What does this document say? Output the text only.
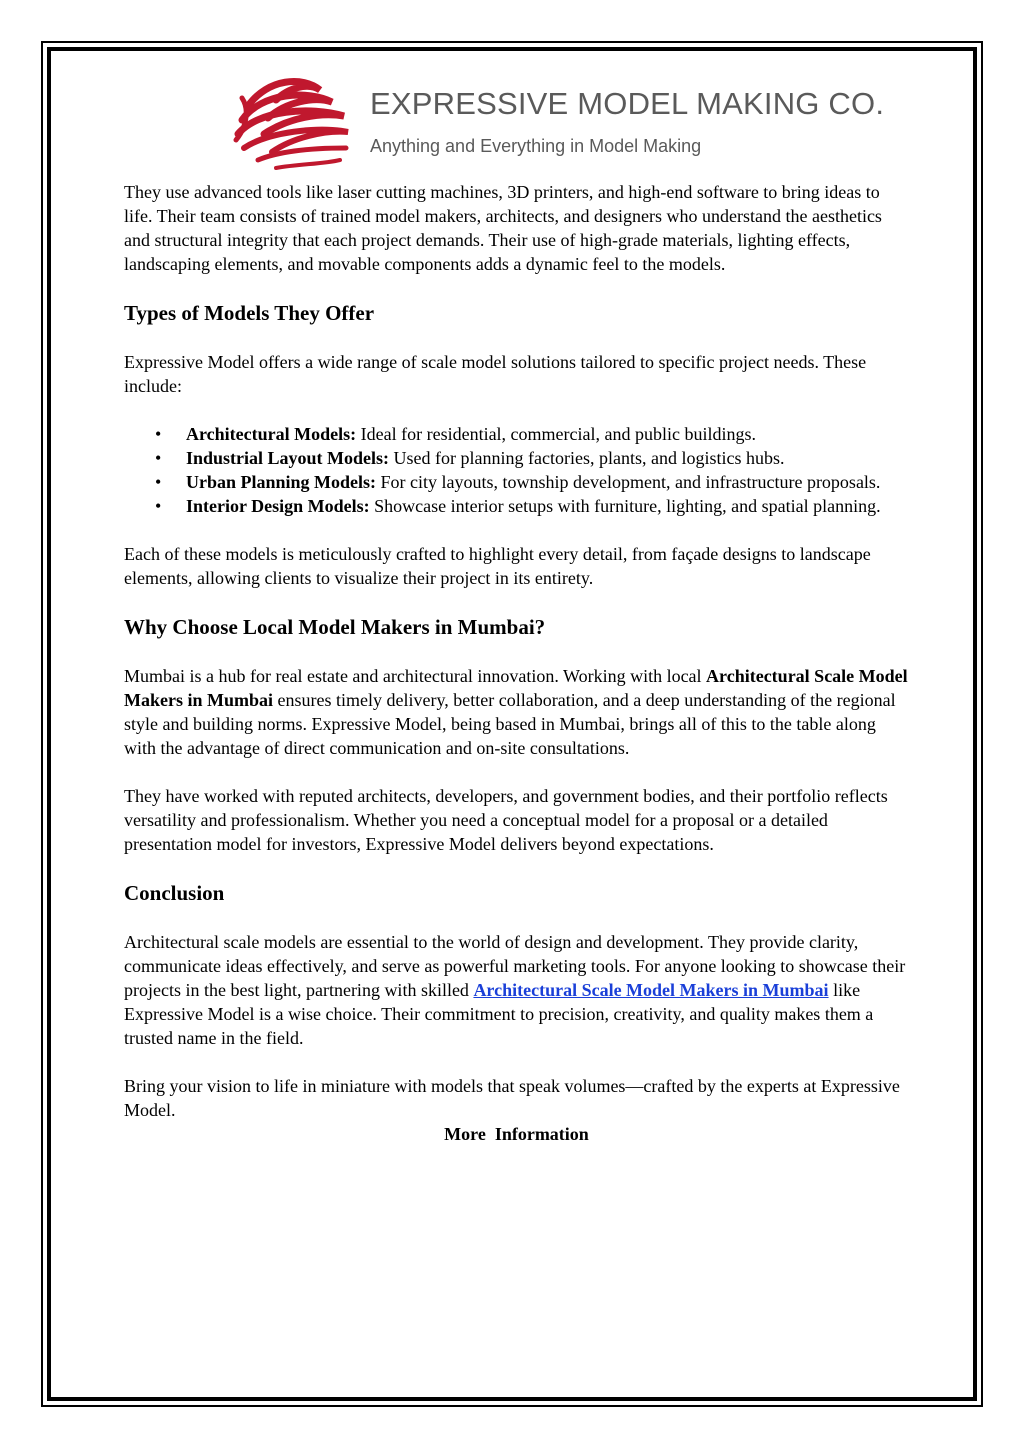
EXPRESSIVE MODEL MAKING CO.
Anything and Everything in Model Making

They use advanced tools like laser cutting machines, 3D printers, and high-end software to bring ideas to life. Their team consists of trained model makers, architects, and designers who understand the aesthetics and structural integrity that each project demands. Their use of high-grade materials, lighting effects, landscaping elements, and movable components adds a dynamic feel to the models.

Types of Models They Offer

Expressive Model offers a wide range of scale model solutions tailored to specific project needs. These include:

• Architectural Models: Ideal for residential, commercial, and public buildings.
• Industrial Layout Models: Used for planning factories, plants, and logistics hubs.
• Urban Planning Models: For city layouts, township development, and infrastructure proposals.
• Interior Design Models: Showcase interior setups with furniture, lighting, and spatial planning.

Each of these models is meticulously crafted to highlight every detail, from façade designs to landscape elements, allowing clients to visualize their project in its entirety.

Why Choose Local Model Makers in Mumbai?

Mumbai is a hub for real estate and architectural innovation. Working with local Architectural Scale Model Makers in Mumbai ensures timely delivery, better collaboration, and a deep understanding of the regional style and building norms. Expressive Model, being based in Mumbai, brings all of this to the table along with the advantage of direct communication and on-site consultations.

They have worked with reputed architects, developers, and government bodies, and their portfolio reflects versatility and professionalism. Whether you need a conceptual model for a proposal or a detailed presentation model for investors, Expressive Model delivers beyond expectations.

Conclusion

Architectural scale models are essential to the world of design and development. They provide clarity, communicate ideas effectively, and serve as powerful marketing tools. For anyone looking to showcase their projects in the best light, partnering with skilled Architectural Scale Model Makers in Mumbai like Expressive Model is a wise choice. Their commitment to precision, creativity, and quality makes them a trusted name in the field.

Bring your vision to life in miniature with models that speak volumes—crafted by the experts at Expressive Model.

More  Information
